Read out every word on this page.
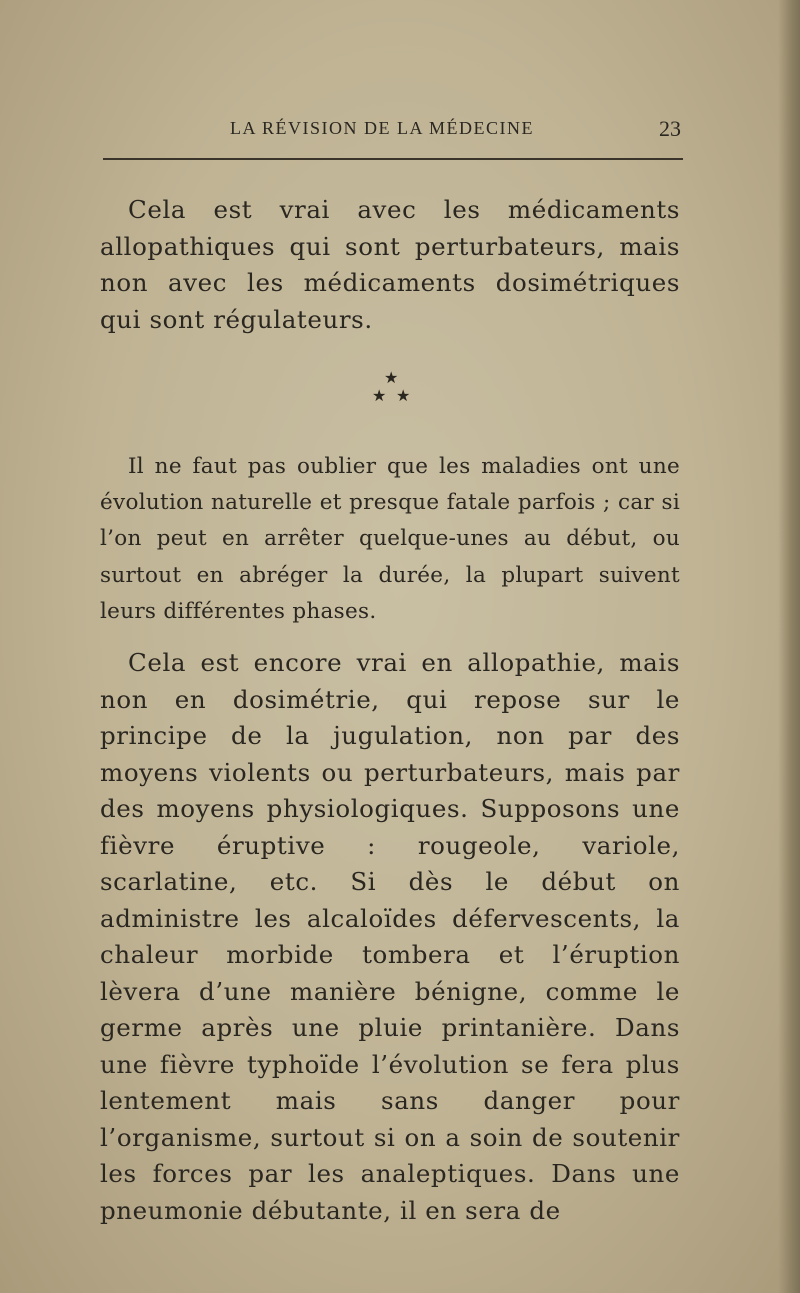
LA RÉVISION DE LA MÉDECINE	23

Cela est vrai avec les médicaments allopathiques qui sont perturbateurs, mais non avec les médicaments dosimétriques qui sont régulateurs.

★
★ ★

Il ne faut pas oublier que les maladies ont une évolution naturelle et presque fatale parfois ; car si l’on peut en arrêter quelque-unes au début, ou surtout en abréger la durée, la plupart suivent leurs différentes phases.

Cela est encore vrai en allopathie, mais non en dosimétrie, qui repose sur le principe de la jugulation, non par des moyens violents ou perturbateurs, mais par des moyens physiologiques. Supposons une fièvre éruptive : rougeole, variole, scarlatine, etc. Si dès le début on administre les alcaloïdes défervescents, la chaleur morbide tombera et l’éruption lèvera d’une manière bénigne, comme le germe après une pluie printanière. Dans une fièvre typhoïde l’évolution se fera plus lentement mais sans danger pour l’organisme, surtout si on a soin de soutenir les forces par les analeptiques. Dans une pneumonie débutante, il en sera de
